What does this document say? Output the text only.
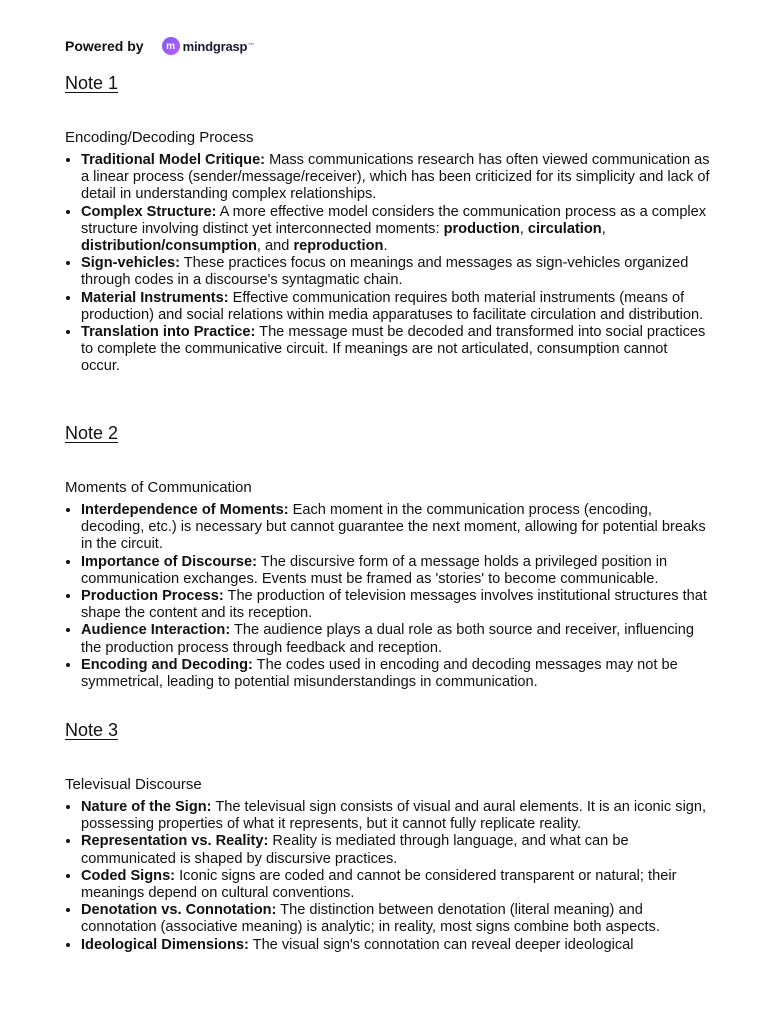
Powered by	m mindgrasp ™
Note 1
Encoding/Decoding Process
• Traditional Model Critique: Mass communications research has often viewed communication as a linear process (sender/message/receiver), which has been criticized for its simplicity and lack of detail in understanding complex relationships.
• Complex Structure: A more effective model considers the communication process as a complex structure involving distinct yet interconnected moments: production, circulation, distribution/consumption, and reproduction.
• Sign-vehicles: These practices focus on meanings and messages as sign-vehicles organized through codes in a discourse's syntagmatic chain.
• Material Instruments: Effective communication requires both material instruments (means of production) and social relations within media apparatuses to facilitate circulation and distribution.
• Translation into Practice: The message must be decoded and transformed into social practices to complete the communicative circuit. If meanings are not articulated, consumption cannot occur.
Note 2
Moments of Communication
• Interdependence of Moments: Each moment in the communication process (encoding, decoding, etc.) is necessary but cannot guarantee the next moment, allowing for potential breaks in the circuit.
• Importance of Discourse: The discursive form of a message holds a privileged position in communication exchanges. Events must be framed as 'stories' to become communicable.
• Production Process: The production of television messages involves institutional structures that shape the content and its reception.
• Audience Interaction: The audience plays a dual role as both source and receiver, influencing the production process through feedback and reception.
• Encoding and Decoding: The codes used in encoding and decoding messages may not be symmetrical, leading to potential misunderstandings in communication.
Note 3
Televisual Discourse
• Nature of the Sign: The televisual sign consists of visual and aural elements. It is an iconic sign, possessing properties of what it represents, but it cannot fully replicate reality.
• Representation vs. Reality: Reality is mediated through language, and what can be communicated is shaped by discursive practices.
• Coded Signs: Iconic signs are coded and cannot be considered transparent or natural; their meanings depend on cultural conventions.
• Denotation vs. Connotation: The distinction between denotation (literal meaning) and connotation (associative meaning) is analytic; in reality, most signs combine both aspects.
• Ideological Dimensions: The visual sign's connotation can reveal deeper ideological
